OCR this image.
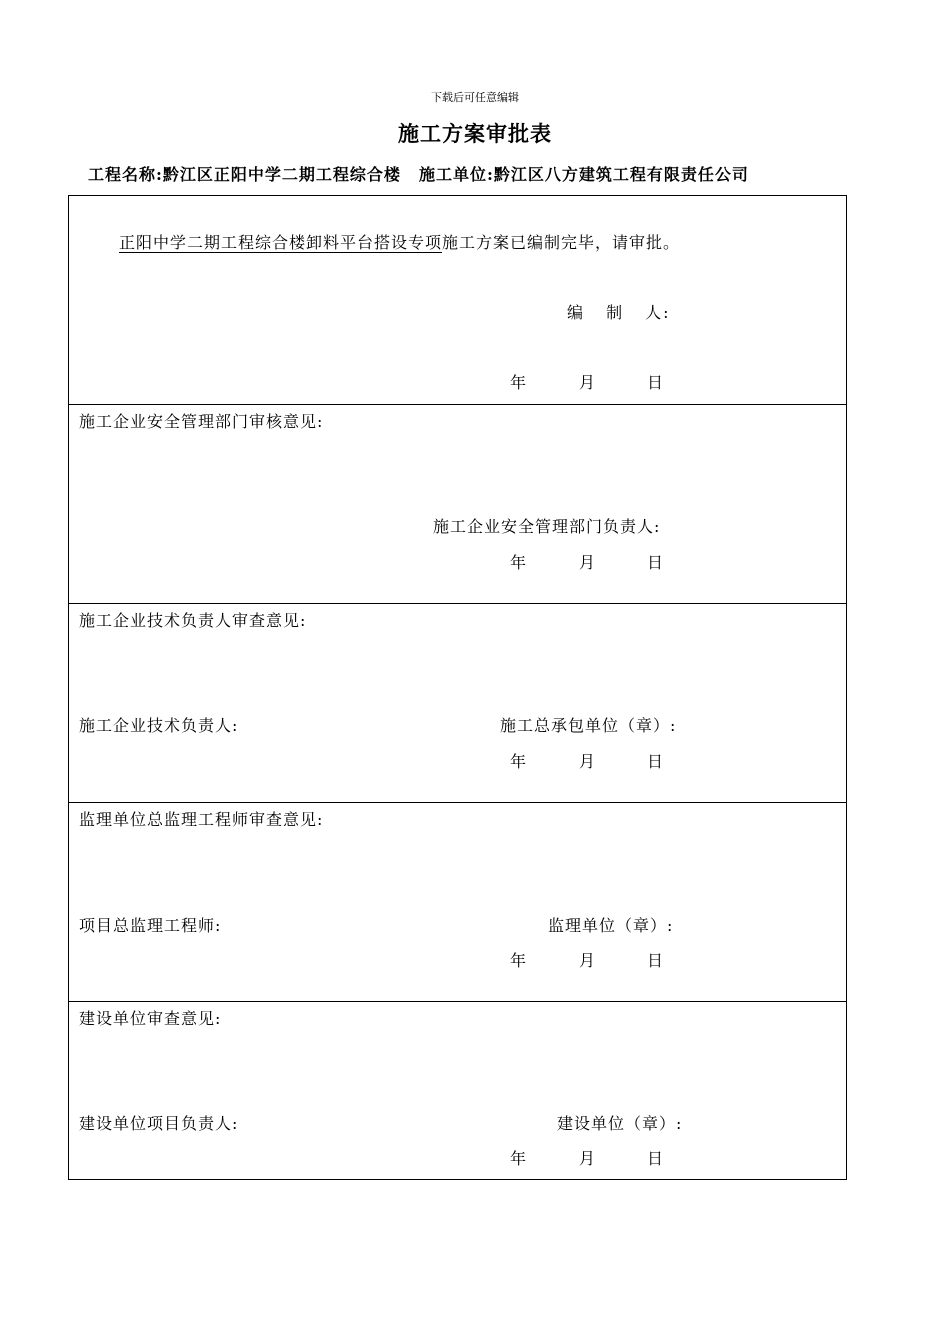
下载后可任意编辑
施工方案审批表
工程名称:黔江区正阳中学二期工程综合楼 施工单位:黔江区八方建筑工程有限责任公司
正阳中学二期工程综合楼卸料平台搭设专项施工方案已编制完毕，请审批。
编 制 人:
年	月	日
施工企业安全管理部门审核意见:
施工企业安全管理部门负责人:
年	月	日
施工企业技术负责人审查意见:
施工企业技术负责人:	施工总承包单位（章）:
年	月	日
监理单位总监理工程师审查意见:
项目总监理工程师:	监理单位（章）:
年	月	日
建设单位审查意见:
建设单位项目负责人:	建设单位（章）:
年	月	日
